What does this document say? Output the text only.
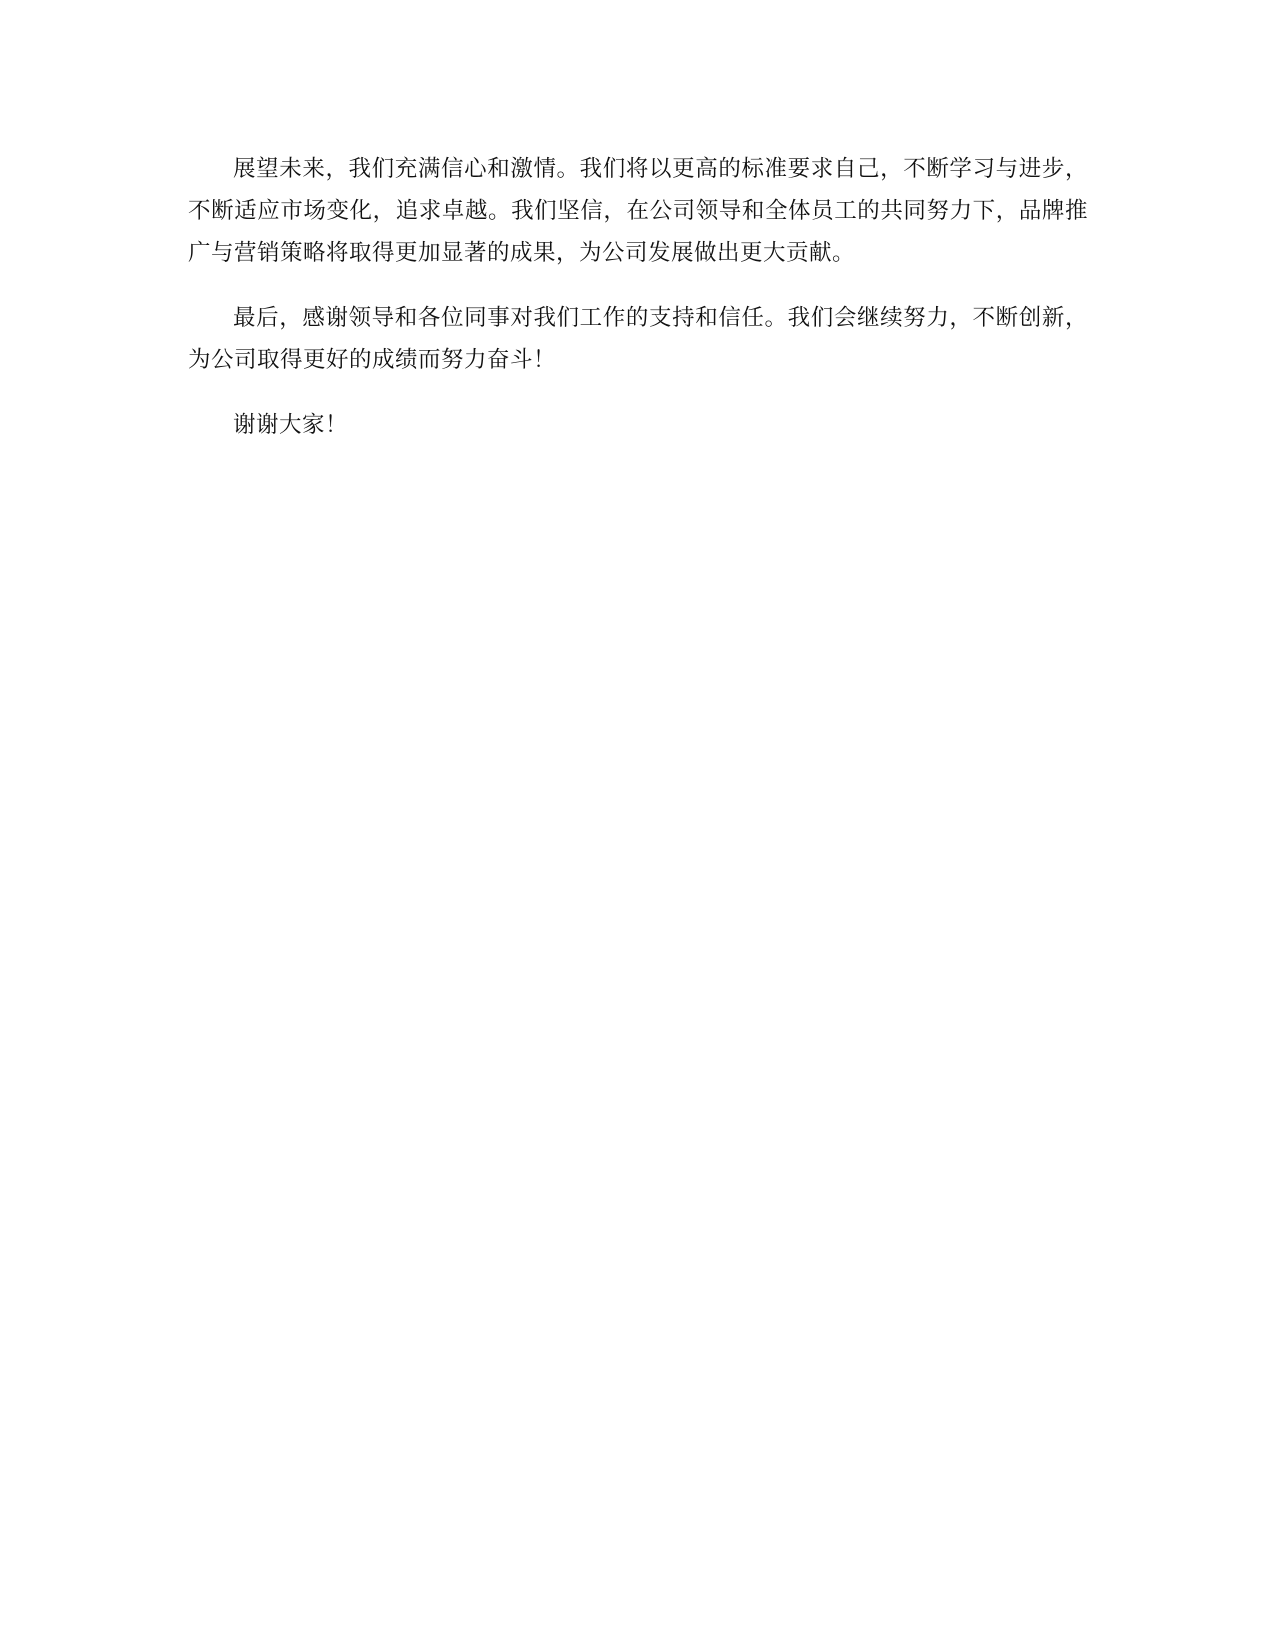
展望未来，我们充满信心和激情。我们将以更高的标准要求自己，不断学习与进步，不断适应市场变化，追求卓越。我们坚信，在公司领导和全体员工的共同努力下，品牌推广与营销策略将取得更加显著的成果，为公司发展做出更大贡献。

最后，感谢领导和各位同事对我们工作的支持和信任。我们会继续努力，不断创新，为公司取得更好的成绩而努力奋斗！

谢谢大家！
